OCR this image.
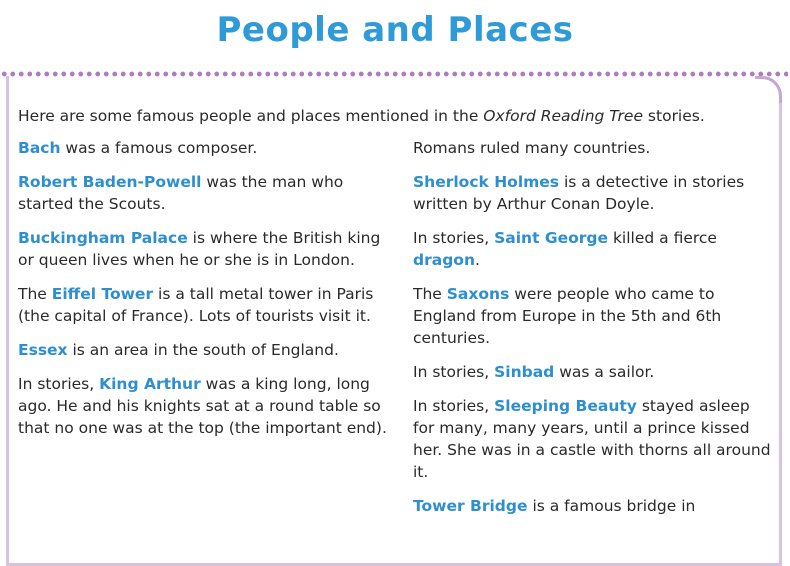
People and Places
Here are some famous people and places mentioned in the Oxford Reading Tree stories.
Bach was a famous composer.
Robert Baden-Powell was the man who started the Scouts.
Buckingham Palace is where the British king or queen lives when he or she is in London.
The Eiffel Tower is a tall metal tower in Paris (the capital of France). Lots of tourists visit it.
Essex is an area in the south of England.
In stories, King Arthur was a king long, long ago. He and his knights sat at a round table so that no one was at the top (the important end).
Romans ruled many countries.
Sherlock Holmes is a detective in stories written by Arthur Conan Doyle.
In stories, Saint George killed a fierce dragon.
The Saxons were people who came to England from Europe in the 5th and 6th centuries.
In stories, Sinbad was a sailor.
In stories, Sleeping Beauty stayed asleep for many, many years, until a prince kissed her. She was in a castle with thorns all around it.
Tower Bridge is a famous bridge in
